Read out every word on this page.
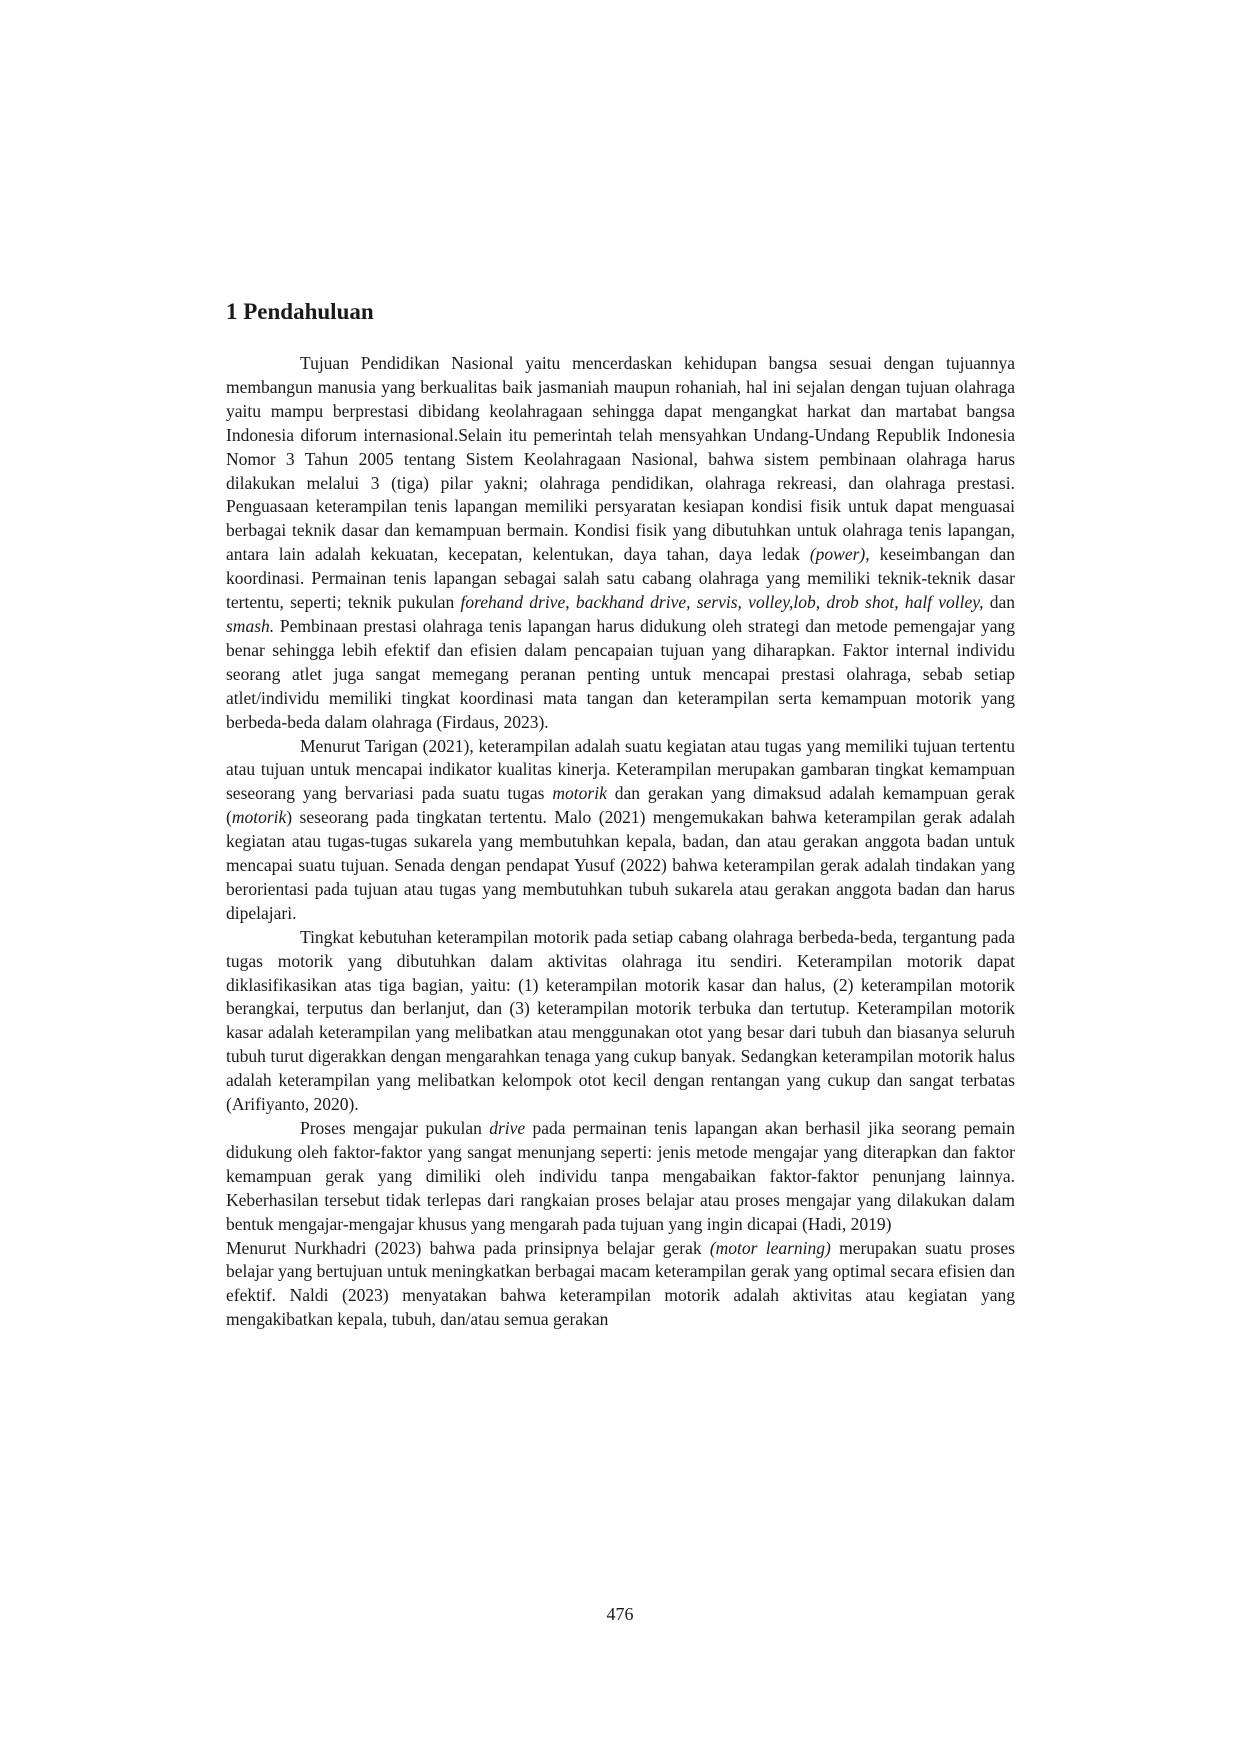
1 Pendahuluan

Tujuan Pendidikan Nasional yaitu mencerdaskan kehidupan bangsa sesuai dengan tujuannya membangun manusia yang berkualitas baik jasmaniah maupun rohaniah, hal ini sejalan dengan tujuan olahraga yaitu mampu berprestasi dibidang keolahragaan sehingga dapat mengangkat harkat dan martabat bangsa Indonesia diforum internasional.Selain itu pemerintah telah mensyahkan Undang-Undang Republik Indonesia Nomor 3 Tahun 2005 tentang Sistem Keolahragaan Nasional, bahwa sistem pembinaan olahraga harus dilakukan melalui 3 (tiga) pilar yakni; olahraga pendidikan, olahraga rekreasi, dan olahraga prestasi. Penguasaan keterampilan tenis lapangan memiliki persyaratan kesiapan kondisi fisik untuk dapat menguasai berbagai teknik dasar dan kemampuan bermain. Kondisi fisik yang dibutuhkan untuk olahraga tenis lapangan, antara lain adalah kekuatan, kecepatan, kelentukan, daya tahan, daya ledak (power), keseimbangan dan koordinasi. Permainan tenis lapangan sebagai salah satu cabang olahraga yang memiliki teknik-teknik dasar tertentu, seperti; teknik pukulan forehand drive, backhand drive, servis, volley,lob, drob shot, half volley, dan smash. Pembinaan prestasi olahraga tenis lapangan harus didukung oleh strategi dan metode pemengajar yang benar sehingga lebih efektif dan efisien dalam pencapaian tujuan yang diharapkan. Faktor internal individu seorang atlet juga sangat memegang peranan penting untuk mencapai prestasi olahraga, sebab setiap atlet/individu memiliki tingkat koordinasi mata tangan dan keterampilan serta kemampuan motorik yang berbeda-beda dalam olahraga (Firdaus, 2023).

Menurut Tarigan (2021), keterampilan adalah suatu kegiatan atau tugas yang memiliki tujuan tertentu atau tujuan untuk mencapai indikator kualitas kinerja. Keterampilan merupakan gambaran tingkat kemampuan seseorang yang bervariasi pada suatu tugas motorik dan gerakan yang dimaksud adalah kemampuan gerak (motorik) seseorang pada tingkatan tertentu. Malo (2021) mengemukakan bahwa keterampilan gerak adalah kegiatan atau tugas-tugas sukarela yang membutuhkan kepala, badan, dan atau gerakan anggota badan untuk mencapai suatu tujuan. Senada dengan pendapat Yusuf (2022) bahwa keterampilan gerak adalah tindakan yang berorientasi pada tujuan atau tugas yang membutuhkan tubuh sukarela atau gerakan anggota badan dan harus dipelajari.

Tingkat kebutuhan keterampilan motorik pada setiap cabang olahraga berbeda-beda, tergantung pada tugas motorik yang dibutuhkan dalam aktivitas olahraga itu sendiri. Keterampilan motorik dapat diklasifikasikan atas tiga bagian, yaitu: (1) keterampilan motorik kasar dan halus, (2) keterampilan motorik berangkai, terputus dan berlanjut, dan (3) keterampilan motorik terbuka dan tertutup. Keterampilan motorik kasar adalah keterampilan yang melibatkan atau menggunakan otot yang besar dari tubuh dan biasanya seluruh tubuh turut digerakkan dengan mengarahkan tenaga yang cukup banyak. Sedangkan keterampilan motorik halus adalah keterampilan yang melibatkan kelompok otot kecil dengan rentangan yang cukup dan sangat terbatas (Arifiyanto, 2020).

Proses mengajar pukulan drive pada permainan tenis lapangan akan berhasil jika seorang pemain didukung oleh faktor-faktor yang sangat menunjang seperti: jenis metode mengajar yang diterapkan dan faktor kemampuan gerak yang dimiliki oleh individu tanpa mengabaikan faktor-faktor penunjang lainnya. Keberhasilan tersebut tidak terlepas dari rangkaian proses belajar atau proses mengajar yang dilakukan dalam bentuk mengajar-mengajar khusus yang mengarah pada tujuan yang ingin dicapai (Hadi, 2019)

Menurut Nurkhadri (2023) bahwa pada prinsipnya belajar gerak (motor learning) merupakan suatu proses belajar yang bertujuan untuk meningkatkan berbagai macam keterampilan gerak yang optimal secara efisien dan efektif. Naldi (2023) menyatakan bahwa keterampilan motorik adalah aktivitas atau kegiatan yang mengakibatkan kepala, tubuh, dan/atau semua gerakan

476
